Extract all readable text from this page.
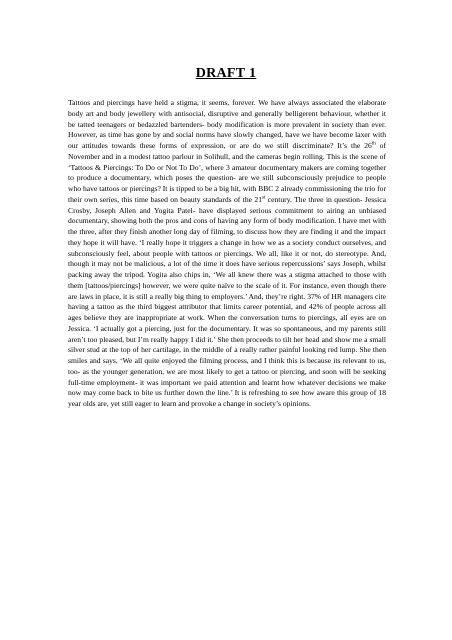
DRAFT 1

Tattoos and piercings have held a stigma, it seems, forever. We have always associated the elaborate body art and body jewellery with antisocial, disruptive and generally belligerent behaviour, whether it be tatted teenagers or bedazzled bartenders- body modification is more prevalent in society than ever. However, as time has gone by and social norms have slowly changed, have we have become laxer with our attitudes towards these forms of expression, or are do we still discriminate? It’s the 26th of November and in a modest tattoo parlour in Solihull, and the cameras begin rolling. This is the scene of ‘Tattoos & Piercings: To Do or Not To Do’, where 3 amateur documentary makers are coming together to produce a documentary, which poses the question- are we still subconsciously prejudice to people who have tattoos or piercings? It is tipped to be a big hit, with BBC 2 already commissioning the trio for their own series, this time based on beauty standards of the 21st century. The three in question- Jessica Crosby, Joseph Allen and Yogita Patel- have displayed serious commitment to airing an unbiased documentary, showing both the pros and cons of having any form of body modification. I have met with the three, after they finish another long day of filming, to discuss how they are finding it and the impact they hope it will have. ‘I really hope it triggers a change in how we as a society conduct ourselves, and subconsciously feel, about people with tattoos or piercings. We all, like it or not, do stereotype. And, though it may not be malicious, a lot of the time it does have serious repercussions’ says Joseph, whilst packing away the tripod. Yogita also chips in, ‘We all knew there was a stigma attached to those with them [tattoos/piercings] however, we were quite naïve to the scale of it. For instance, even though there are laws in place, it is still a really big thing to employers.’ And, they’re right. 37% of HR managers cite having a tattoo as the third biggest attributor that limits career potential, and 42% of people across all ages believe they are inappropriate at work. When the conversation turns to piercings, all eyes are on Jessica. ‘I actually got a piercing, just for the documentary. It was so spontaneous, and my parents still aren’t too pleased, but I’m really happy I did it.’ She then proceeds to tilt her head and show me a small silver stud at the top of her cartilage, in the middle of a really rather painful looking red lump. She then smiles and says, ‘We all quite enjoyed the filming process, and I think this is because its relevant to us, too- as the younger generation, we are most likely to get a tattoo or piercing, and soon will be seeking full-time employment- it was important we paid attention and learnt how whatever decisions we make now may come back to bite us further down the line.’ It is refreshing to see how aware this group of 18 year olds are, yet still eager to learn and provoke a change in society’s opinions.
